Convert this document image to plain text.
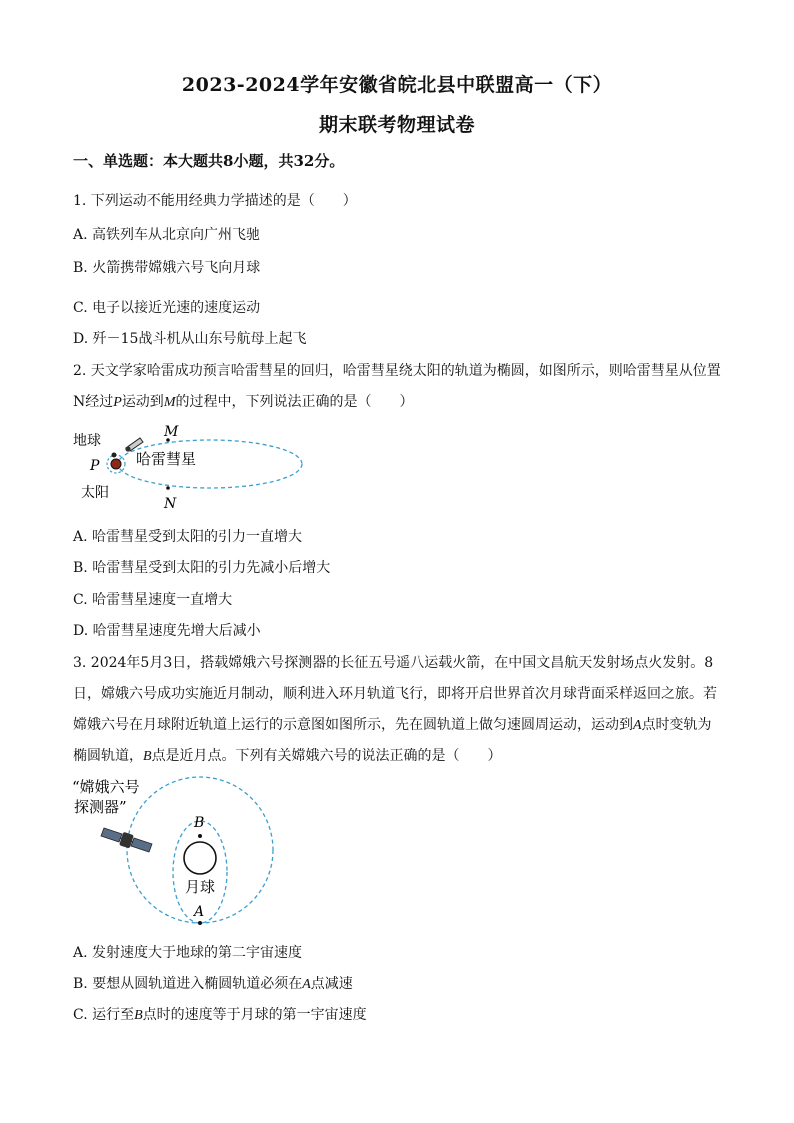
2023-2024学年安徽省皖北县中联盟高一（下）
期末联考物理试卷
一、单选题：本大题共8小题，共32分。
1. 下列运动不能用经典力学描述的是（　　）
A. 高铁列车从北京向广州飞驰
B. 火箭携带嫦娥六号飞向月球
C. 电子以接近光速的速度运动
D. 歼－15战斗机从山东号航母上起飞
2. 天文学家哈雷成功预言哈雷彗星的回归，哈雷彗星绕太阳的轨道为椭圆，如图所示，则哈雷彗星从位置
N经过P运动到M的过程中，下列说法正确的是（　　）
地球
P
太阳
哈雷彗星
M
N
A. 哈雷彗星受到太阳的引力一直增大
B. 哈雷彗星受到太阳的引力先减小后增大
C. 哈雷彗星速度一直增大
D. 哈雷彗星速度先增大后减小
3. 2024年5月3日，搭载嫦娥六号探测器的长征五号遥八运载火箭，在中国文昌航天发射场点火发射。8
日，嫦娥六号成功实施近月制动，顺利进入环月轨道飞行，即将开启世界首次月球背面采样返回之旅。若
嫦娥六号在月球附近轨道上运行的示意图如图所示，先在圆轨道上做匀速圆周运动，运动到A点时变轨为
椭圆轨道，B点是近月点。下列有关嫦娥六号的说法正确的是（　　）
“嫦娥六号
探测器”
B
月球
A
A. 发射速度大于地球的第二宇宙速度
B. 要想从圆轨道进入椭圆轨道必须在A点减速
C. 运行至B点时的速度等于月球的第一宇宙速度
